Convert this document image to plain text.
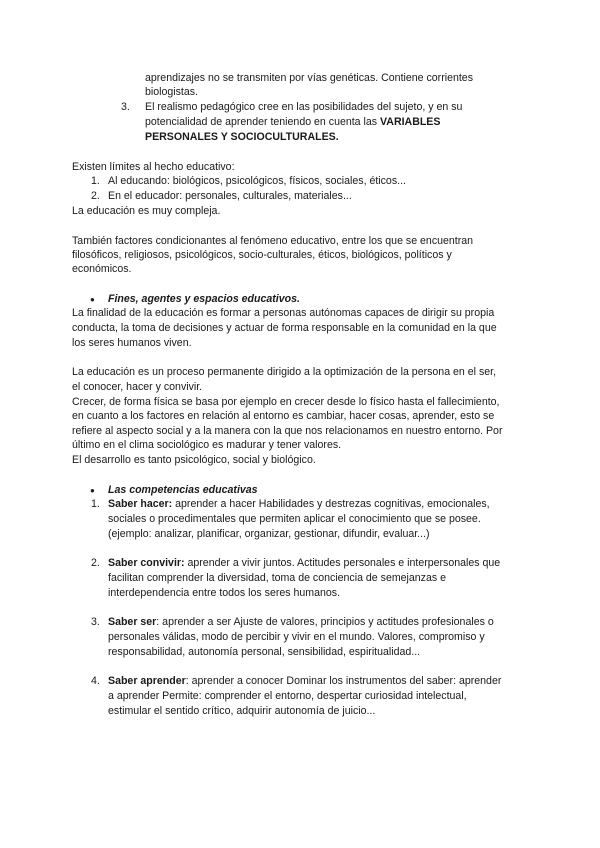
aprendizajes no se transmiten por vías genéticas. Contiene corrientes
biologistas.
3. El realismo pedagógico cree en las posibilidades del sujeto, y en su
potencialidad de aprender teniendo en cuenta las VARIABLES
PERSONALES Y SOCIOCULTURALES.
Existen límites al hecho educativo:
1. Al educando: biológicos, psicológicos, físicos, sociales, éticos...
2. En el educador: personales, culturales, materiales...
La educación es muy compleja.
También factores condicionantes al fenómeno educativo, entre los que se encuentran
filosóficos, religiosos, psicológicos, socio-culturales, éticos, biológicos, políticos y
económicos.
● Fines, agentes y espacios educativos.
La finalidad de la educación es formar a personas autónomas capaces de dirigir su propia
conducta, la toma de decisiones y actuar de forma responsable en la comunidad en la que
los seres humanos viven.
La educación es un proceso permanente dirigido a la optimización de la persona en el ser,
el conocer, hacer y convivir.
Crecer, de forma física se basa por ejemplo en crecer desde lo físico hasta el fallecimiento,
en cuanto a los factores en relación al entorno es cambiar, hacer cosas, aprender, esto se
refiere al aspecto social y a la manera con la que nos relacionamos en nuestro entorno. Por
último en el clima sociológico es madurar y tener valores.
El desarrollo es tanto psicológico, social y biológico.
● Las competencias educativas
1. Saber hacer: aprender a hacer Habilidades y destrezas cognitivas, emocionales,
sociales o procedimentales que permiten aplicar el conocimiento que se posee.
(ejemplo: analizar, planificar, organizar, gestionar, difundir, evaluar...)
2. Saber convivir: aprender a vivir juntos. Actitudes personales e interpersonales que
facilitan comprender la diversidad, toma de conciencia de semejanzas e
interdependencia entre todos los seres humanos.
3. Saber ser: aprender a ser Ajuste de valores, principios y actitudes profesionales o
personales válidas, modo de percibir y vivir en el mundo. Valores, compromiso y
responsabilidad, autonomía personal, sensibilidad, espiritualidad...
4. Saber aprender: aprender a conocer Dominar los instrumentos del saber: aprender
a aprender Permite: comprender el entorno, despertar curiosidad intelectual,
estimular el sentido crítico, adquirir autonomía de juicio...
